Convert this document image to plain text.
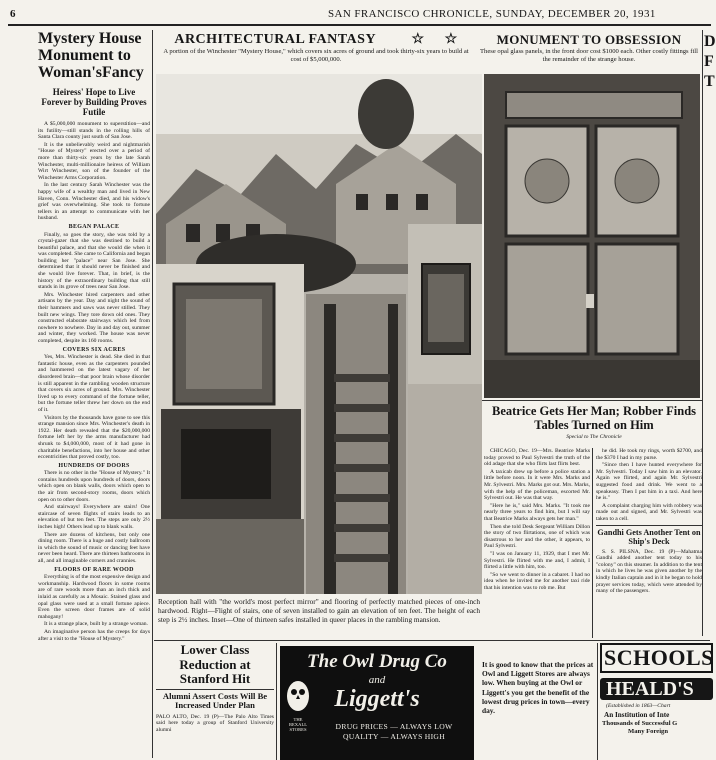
6	SAN FRANCISCO CHRONICLE, SUNDAY, DECEMBER 20, 1931
Mystery House Monument to Woman'sFancy
Heiress' Hope to Live Forever by Building Proves Futile

A $5,000,000 monument to superstition—and its futility—still stands in the rolling hills of Santa Clara county just south of San Jose.

It is the unbelievably weird and nightmarish "House of Mystery" erected over a period of more than thirty-six years by the late Sarah Winchester, multi-millionaire heiress of William Wirt Winchester, son of the founder of the Winchester Arms Corporation.

In the last century Sarah Winchester was the happy wife of a wealthy man and lived in New Haven, Conn. Winchester died, and his widow's grief was overwhelming. She took to fortune tellers in an attempt to communicate with her husband.

BEGAN PALACE

Finally, so goes the story, she was told by a crystal-gazer that she was destined to build a beautiful palace, and that she would die when it was completed. She came to California and began building her "palace" near San Jose. She determined that it should never be finished and she would live forever. That, in brief, is the history of the extraordinary building that still stands in its grove of trees near San Jose.

Mrs. Winchester hired carpenters and other artisans by the year. Day and night the sound of their hammers and saws was never stilled. They built new wings. They tore down old ones. They constructed elaborate stairways which led from nowhere to nowhere. Day in and day out, summer and winter, they worked. The house was never completed, despite its 160 rooms.

COVERS SIX ACRES

Yes, Mrs. Winchester is dead. She died in that fantastic house, even as the carpenters pounded and hammered on the latest vagary of her disordered brain—that poor brain whose disorder is still apparent in the rambling wooden structure that covers six acres of ground. Mrs. Winchester lived up to every command of the fortune teller, but the fortune teller threw her down on the end of it.

Visitors by the thousands have gone to see this strange mansion since Mrs. Winchester's death in 1922. Her death revealed that the $20,000,000 fortune left her by the arms manufacturer had shrunk to $4,000,000, most of it had gone in charitable benefactions, into her house and other eccentricities that proved costly, too.

HUNDREDS OF DOORS

There is no other in the "House of Mystery." It contains hundreds upon hundreds of doors, doors which open on blank walls, doors which open to the air from second-story rooms, doors which open on to other doors.

And stairways! Everywhere are stairs! One staircase of seven flights of stairs leads to an elevation of but ten feet. The steps are only 2½ inches high! Others lead up to blank walls.

There are dozens of kitchens, but only one dining room. There is a huge and costly ballroom in which the sound of music or dancing feet have never been heard. There are thirteen bathrooms in all, and all imaginable corners and crannies.

FLOORS OF RARE WOOD

Everything is of the most expensive design and workmanship. Hardwood floors in some rooms are of rare woods more than an inch thick and inlaid as carefully as a Mosaic. Stained glass and opal glass were used at a small fortune apiece. Even the screen door frames are of solid mahogany!

It is a strange place, built by a strange woman.

An imaginative person has the creeps for days after a visit to the "House of Mystery."

ARCHITECTURAL FANTASY	☆ ☆
A portion of the Winchester "Mystery House," which covers six acres of ground and took thirty-six years to build at cost of $5,000,000.
MONUMENT TO OBSESSION
These opal glass panels, in the front door cost $1000 each. Other costly fittings fill the remainder of the strange house.
Reception hall with "the world's most perfect mirror" and flooring of perfectly matched pieces of one-inch hardwood. Right—Flight of stairs, one of seven installed to gain an elevation of ten feet. The height of each step is 2½ inches. Inset—One of thirteen safes installed in queer places in the rambling mansion.
Beatrice Gets Her Man; Robber Finds Tables Turned on Him
Special to The Chronicle

CHICAGO, Dec. 19—Mrs. Beatrice Marks today proved to Paul Sylvestri the truth of the old adage that she who flirts last flirts best.

A taxicab drew up before a police station a little before noon. In it were Mrs. Marks and Mr. Sylvestri. Mrs. Marks got out. Mrs. Marks, with the help of the policeman, escorted Mr. Sylvestri out. He was that way.

"Here he is," said Mrs. Marks. "It took me nearly three years to find him, but I will say that Beatrice Marks always gets her man."

Then she told Desk Sergeant William Dillon the story of two flirtations, one of which was disastrous to her and the other, it appears, to Paul Sylvestri.

"I was on January 11, 1929, that I met Mr. Sylvestri. He flirted with me and, I admit, I flirted a little with him, too.

"So we went to dinner in a cabaret. I had no idea when he invited me for another taxi ride that his intention was to rob me. But

he did. He took my rings, worth $2700, and the $370 I had in my purse.

"Since then I have hunted everywhere for Mr. Sylvestri. Today I saw him in an elevator. Again we flirted, and again Mr. Sylvestri suggested food and drink. We went to a speakeasy. Then I put him in a taxi. And here he is."

A complaint charging him with robbery was made out and signed, and Mr. Sylvestri was taken to a cell.

Gandhi Gets Another Tent on Ship's Deck

S. S. PILSNA, Dec. 19 (P)—Mahatma Gandhi added another tent today to his "colony" on this steamer. In addition to the tent in which he lives he was given another by the kindly Italian captain and in it he began to hold prayer services today, which were attended by many of the passengers.

Lower Class Reduction at Stanford Hit
Alumni Assert Costs Will Be Increased Under Plan
PALO ALTO, Dec. 19 (P)—The Palo Alto Times said here today a group of Stanford University alumni
The Owl Drug Co
and
Liggett's
THE REXALL
STORES	DRUG PRICES — ALWAYS LOW QUALITY — ALWAYS HIGH
It is good to know that the prices at Owl and Liggett Stores are always low. When buying at the Owl or Liggett's you get the benefit of the lowest drug prices in town—every day.
SCHOOLS
HEALD'S
(Established in 1863—Chart
An Institution of Inte
Thousands of Successful G
Many Foreign
D
F
T
